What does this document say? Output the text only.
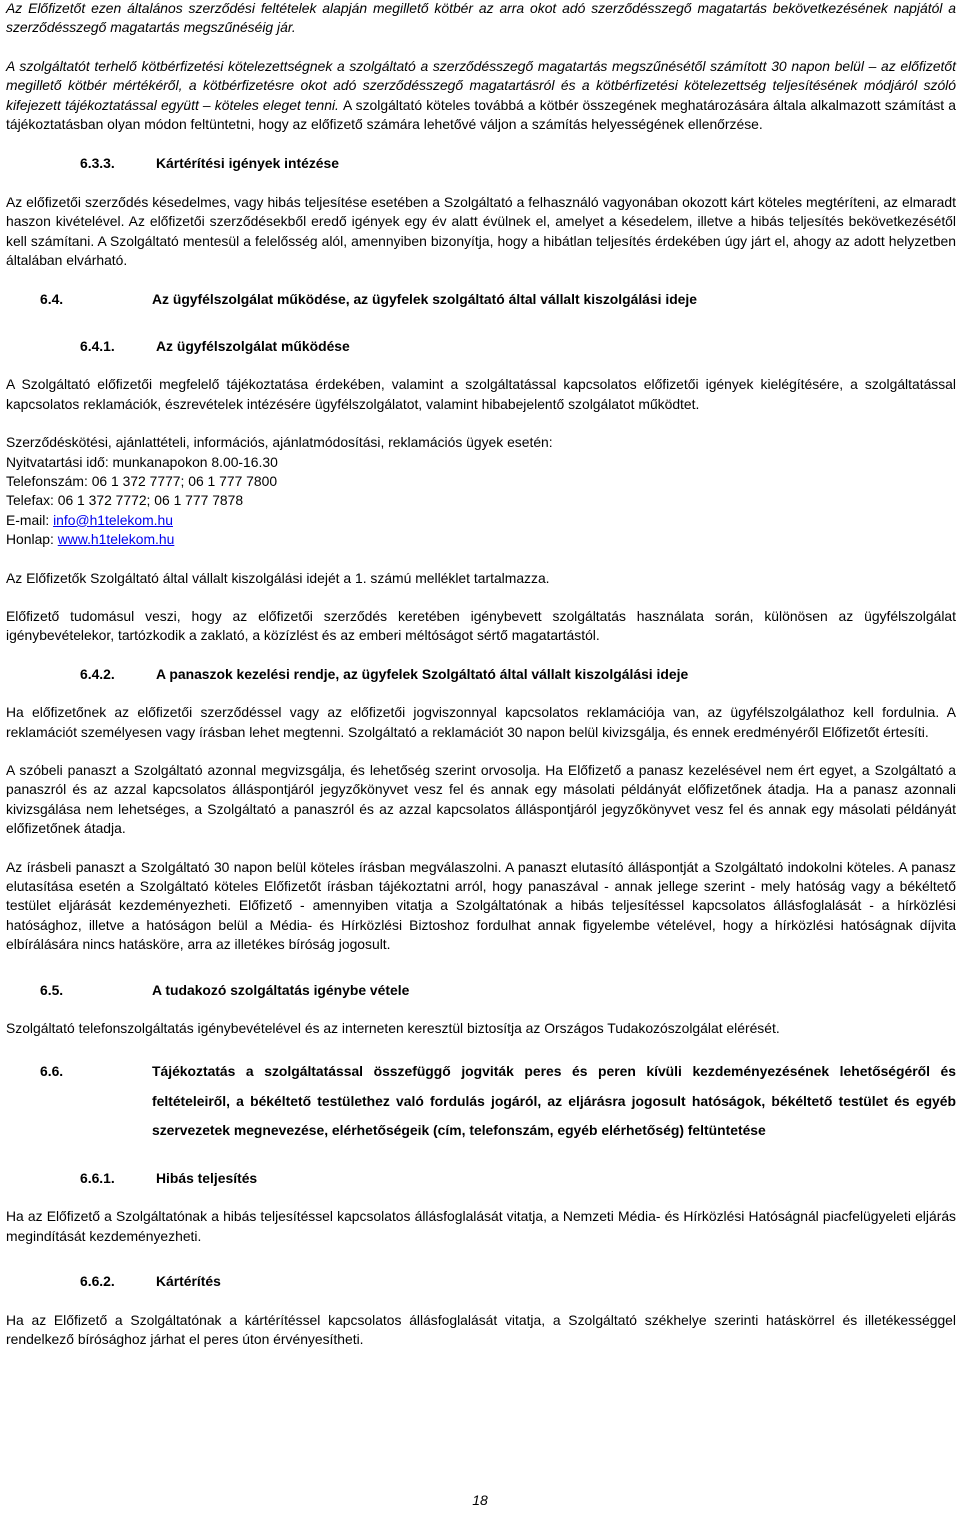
Az Előfizetőt ezen általános szerződési feltételek alapján megillető kötbér az arra okot adó szerződésszegő magatartás bekövetkezésének napjától a szerződésszegő magatartás megszűnéséig jár.

A szolgáltatót terhelő kötbérfizetési kötelezettségnek a szolgáltató a szerződésszegő magatartás megszűnésétől számított 30 napon belül – az előfizetőt megillető kötbér mértékéről, a kötbérfizetésre okot adó szerződésszegő magatartásról és a kötbérfizetési kötelezettség teljesítésének módjáról szóló kifejezett tájékoztatással együtt – köteles eleget tenni. A szolgáltató köteles továbbá a kötbér összegének meghatározására általa alkalmazott számítást a tájékoztatásban olyan módon feltüntetni, hogy az előfizető számára lehetővé váljon a számítás helyességének ellenőrzése.

6.3.3.	Kártérítési igények intézése

Az előfizetői szerződés késedelmes, vagy hibás teljesítése esetében a Szolgáltató a felhasználó vagyonában okozott kárt köteles megtéríteni, az elmaradt haszon kivételével. Az előfizetői szerződésekből eredő igények egy év alatt évülnek el, amelyet a késedelem, illetve a hibás teljesítés bekövetkezésétől kell számítani. A Szolgáltató mentesül a felelősség alól, amennyiben bizonyítja, hogy a hibátlan teljesítés érdekében úgy járt el, ahogy az adott helyzetben általában elvárható.

6.4.	Az ügyfélszolgálat működése, az ügyfelek szolgáltató által vállalt kiszolgálási ideje
6.4.1.	Az ügyfélszolgálat működése

A Szolgáltató előfizetői megfelelő tájékoztatása érdekében, valamint a szolgáltatással kapcsolatos előfizetői igények kielégítésére, a szolgáltatással kapcsolatos reklamációk, észrevételek intézésére ügyfélszolgálatot, valamint hibabejelentő szolgálatot működtet.

Szerződéskötési, ajánlattételi, információs, ajánlatmódosítási, reklamációs ügyek esetén:
Nyitvatartási idő: munkanapokon 8.00-16.30
Telefonszám: 06 1 372 7777; 06 1 777 7800
Telefax: 06 1 372 7772; 06 1 777 7878
E-mail: info@h1telekom.hu
Honlap: www.h1telekom.hu

Az Előfizetők Szolgáltató által vállalt kiszolgálási idejét a 1. számú melléklet tartalmazza.

Előfizető tudomásul veszi, hogy az előfizetői szerződés keretében igénybevett szolgáltatás használata során, különösen az ügyfélszolgálat igénybevételekor, tartózkodik a zaklató, a közízlést és az emberi méltóságot sértő magatartástól.

6.4.2.	A panaszok kezelési rendje, az ügyfelek Szolgáltató által vállalt kiszolgálási ideje

Ha előfizetőnek az előfizetői szerződéssel vagy az előfizetői jogviszonnyal kapcsolatos reklamációja van, az ügyfélszolgálathoz kell fordulnia. A reklamációt személyesen vagy írásban lehet megtenni. Szolgáltató a reklamációt 30 napon belül kivizsgálja, és ennek eredményéről Előfizetőt értesíti.

A szóbeli panaszt a Szolgáltató azonnal megvizsgálja, és lehetőség szerint orvosolja. Ha Előfizető a panasz kezelésével nem ért egyet, a Szolgáltató a panaszról és az azzal kapcsolatos álláspontjáról jegyzőkönyvet vesz fel és annak egy másolati példányát előfizetőnek átadja. Ha a panasz azonnali kivizsgálása nem lehetséges, a Szolgáltató a panaszról és az azzal kapcsolatos álláspontjáról jegyzőkönyvet vesz fel és annak egy másolati példányát előfizetőnek átadja.

Az írásbeli panaszt a Szolgáltató 30 napon belül köteles írásban megválaszolni. A panaszt elutasító álláspontját a Szolgáltató indokolni köteles. A panasz elutasítása esetén a Szolgáltató köteles Előfizetőt írásban tájékoztatni arról, hogy panaszával - annak jellege szerint - mely hatóság vagy a békéltető testület eljárását kezdeményezheti. Előfizető - amennyiben vitatja a Szolgáltatónak a hibás teljesítéssel kapcsolatos állásfoglalását - a hírközlési hatósághoz, illetve a hatóságon belül a Média- és Hírközlési Biztoshoz fordulhat annak figyelembe vételével, hogy a hírközlési hatóságnak díjvita elbírálására nincs hatásköre, arra az illetékes bíróság jogosult.

6.5.	A tudakozó szolgáltatás igénybe vétele

Szolgáltató telefonszolgáltatás igénybevételével és az interneten keresztül biztosítja az Országos Tudakozószolgálat elérését.

6.6.	Tájékoztatás a szolgáltatással összefüggő jogviták peres és peren kívüli kezdeményezésének lehetőségéről és feltételeiről, a békéltető testülethez való fordulás jogáról, az eljárásra jogosult hatóságok, békéltető testület és egyéb szervezetek megnevezése, elérhetőségeik (cím, telefonszám, egyéb elérhetőség) feltüntetése
6.6.1.	Hibás teljesítés

Ha az Előfizető a Szolgáltatónak a hibás teljesítéssel kapcsolatos állásfoglalását vitatja, a Nemzeti Média- és Hírközlési Hatóságnál piacfelügyeleti eljárás megindítását kezdeményezheti.

6.6.2.	Kártérítés

Ha az Előfizető a Szolgáltatónak a kártérítéssel kapcsolatos állásfoglalását vitatja, a Szolgáltató székhelye szerinti hatáskörrel és illetékességgel rendelkező bírósághoz járhat el peres úton érvényesítheti.

18
